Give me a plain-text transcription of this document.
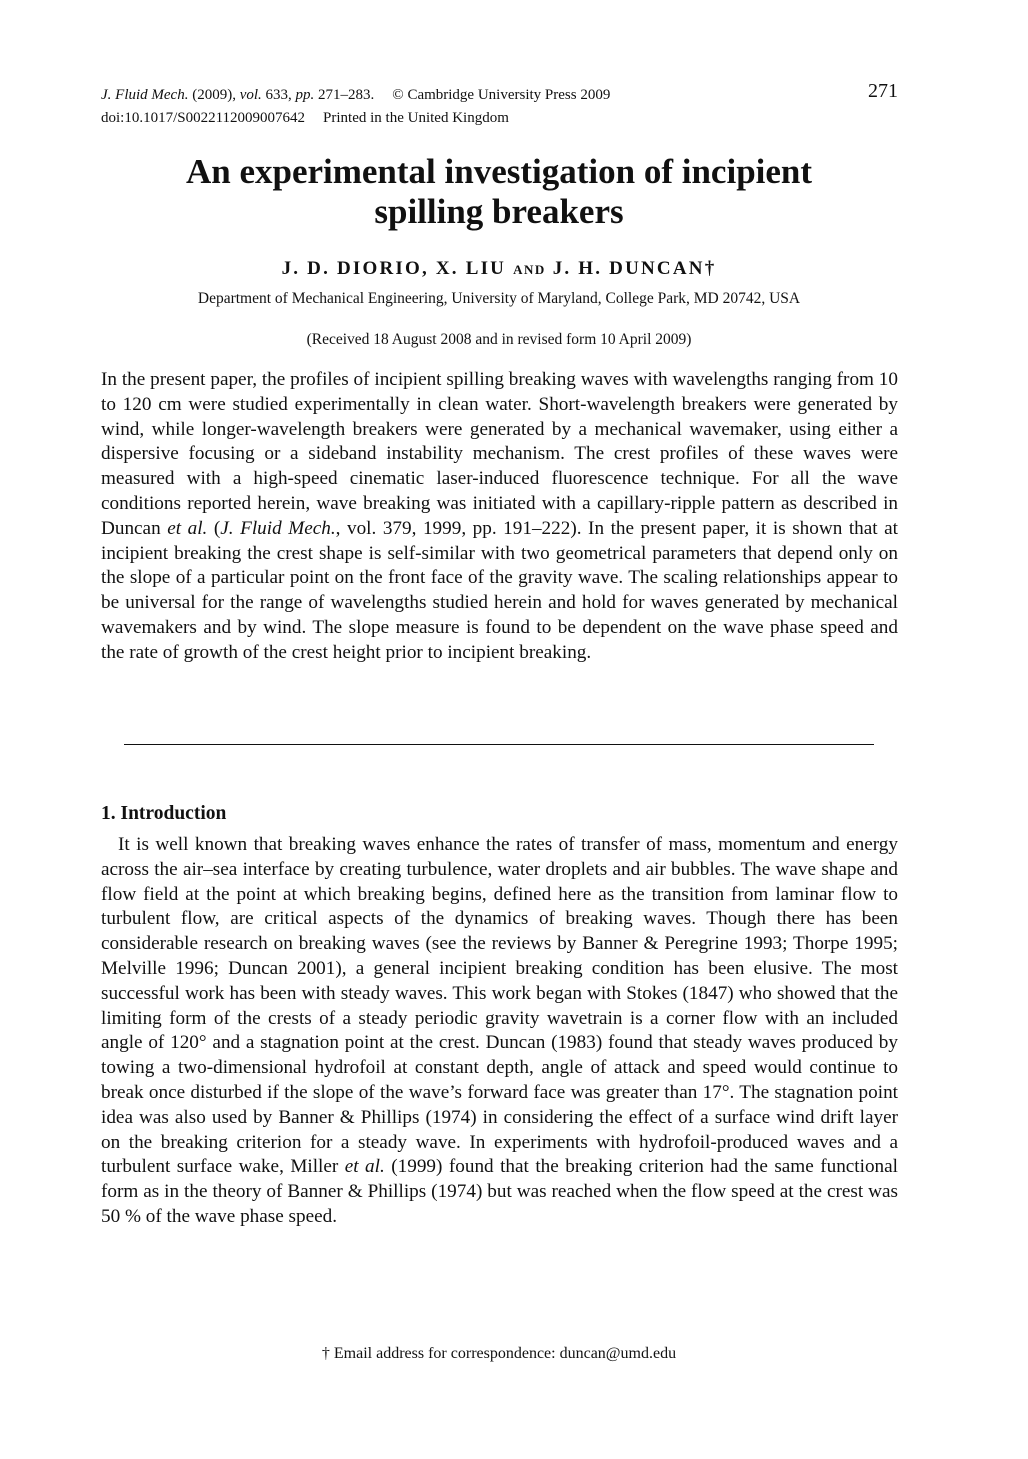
J. Fluid Mech. (2009), vol. 633, pp. 271–283. © Cambridge University Press 2009
doi:10.1017/S0022112009007642 Printed in the United Kingdom
271
An experimental investigation of incipient
spilling breakers
J. D. DIORIO, X. LIU AND J. H. DUNCAN†
Department of Mechanical Engineering, University of Maryland, College Park, MD 20742, USA
(Received 18 August 2008 and in revised form 10 April 2009)
In the present paper, the profiles of incipient spilling breaking waves with wavelengths ranging from 10 to 120 cm were studied experimentally in clean water. Short-wavelength breakers were generated by wind, while longer-wavelength breakers were generated by a mechanical wavemaker, using either a dispersive focusing or a sideband instability mechanism. The crest profiles of these waves were measured with a high-speed cinematic laser-induced fluorescence technique. For all the wave conditions reported herein, wave breaking was initiated with a capillary-ripple pattern as described in Duncan et al. (J. Fluid Mech., vol. 379, 1999, pp. 191–222). In the present paper, it is shown that at incipient breaking the crest shape is self-similar with two geometrical parameters that depend only on the slope of a particular point on the front face of the gravity wave. The scaling relationships appear to be universal for the range of wavelengths studied herein and hold for waves generated by mechanical wavemakers and by wind. The slope measure is found to be dependent on the wave phase speed and the rate of growth of the crest height prior to incipient breaking.
1. Introduction
It is well known that breaking waves enhance the rates of transfer of mass, momentum and energy across the air–sea interface by creating turbulence, water droplets and air bubbles. The wave shape and flow field at the point at which breaking begins, defined here as the transition from laminar flow to turbulent flow, are critical aspects of the dynamics of breaking waves. Though there has been considerable research on breaking waves (see the reviews by Banner & Peregrine 1993; Thorpe 1995; Melville 1996; Duncan 2001), a general incipient breaking condition has been elusive. The most successful work has been with steady waves. This work began with Stokes (1847) who showed that the limiting form of the crests of a steady periodic gravity wavetrain is a corner flow with an included angle of 120° and a stagnation point at the crest. Duncan (1983) found that steady waves produced by towing a two-dimensional hydrofoil at constant depth, angle of attack and speed would continue to break once disturbed if the slope of the wave’s forward face was greater than 17°. The stagnation point idea was also used by Banner & Phillips (1974) in considering the effect of a surface wind drift layer on the breaking criterion for a steady wave. In experiments with hydrofoil-produced waves and a turbulent surface wake, Miller et al. (1999) found that the breaking criterion had the same functional form as in the theory of Banner & Phillips (1974) but was reached when the flow speed at the crest was 50 % of the wave phase speed.
† Email address for correspondence: duncan@umd.edu
